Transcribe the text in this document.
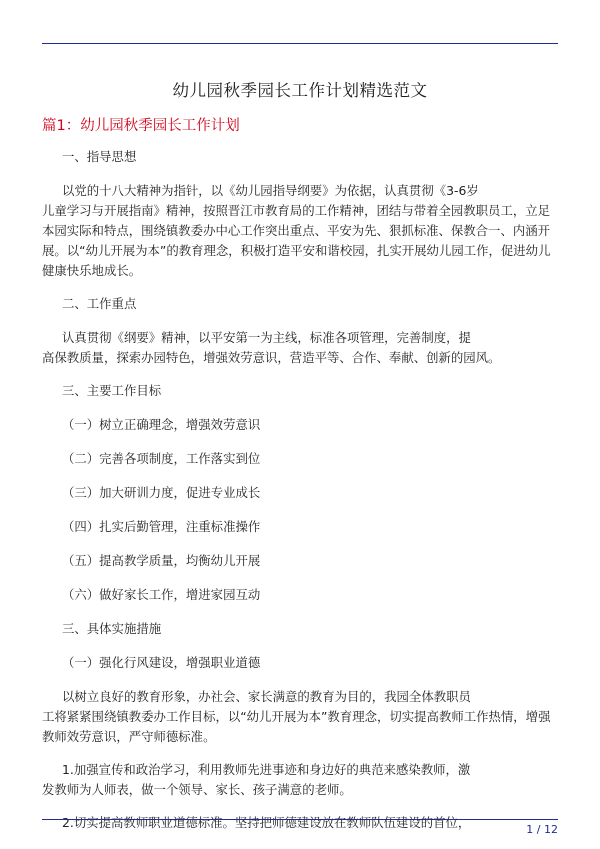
幼儿园秋季园长工作计划精选范文
篇1：幼儿园秋季园长工作计划

一、指导思想

以党的十八大精神为指针，以《幼儿园指导纲要》为依据，认真贯彻《3-6岁
儿童学习与开展指南》精神，按照晋江市教育局的工作精神，团结与带着全园教职员工，立足本园实际和特点，围绕镇教委办中心工作突出重点、平安为先、狠抓标准、保教合一、内涵开展。以“幼儿开展为本”的教育理念，积极打造平安和谐校园，扎实开展幼儿园工作，促进幼儿健康快乐地成长。

二、工作重点

认真贯彻《纲要》精神，以平安第一为主线，标准各项管理，完善制度，提
高保教质量，探索办园特色，增强效劳意识，营造平等、合作、奉献、创新的园风。

三、主要工作目标

（一）树立正确理念，增强效劳意识

（二）完善各项制度，工作落实到位

（三）加大研训力度，促进专业成长

（四）扎实后勤管理，注重标准操作

（五）提高教学质量，均衡幼儿开展

（六）做好家长工作，增进家园互动

三、具体实施措施

（一）强化行风建设，增强职业道德

以树立良好的教育形象，办社会、家长满意的教育为目的，我园全体教职员
工将紧紧围绕镇教委办工作目标，以“幼儿开展为本”教育理念，切实提高教师工作热情，增强教师效劳意识，严守师德标准。

1.加强宣传和政治学习，利用教师先进事迹和身边好的典范来感染教师，激
发教师为人师表，做一个领导、家长、孩子满意的老师。

2.切实提高教师职业道德标准。坚持把师德建设放在教师队伍建设的首位，	1 / 12
